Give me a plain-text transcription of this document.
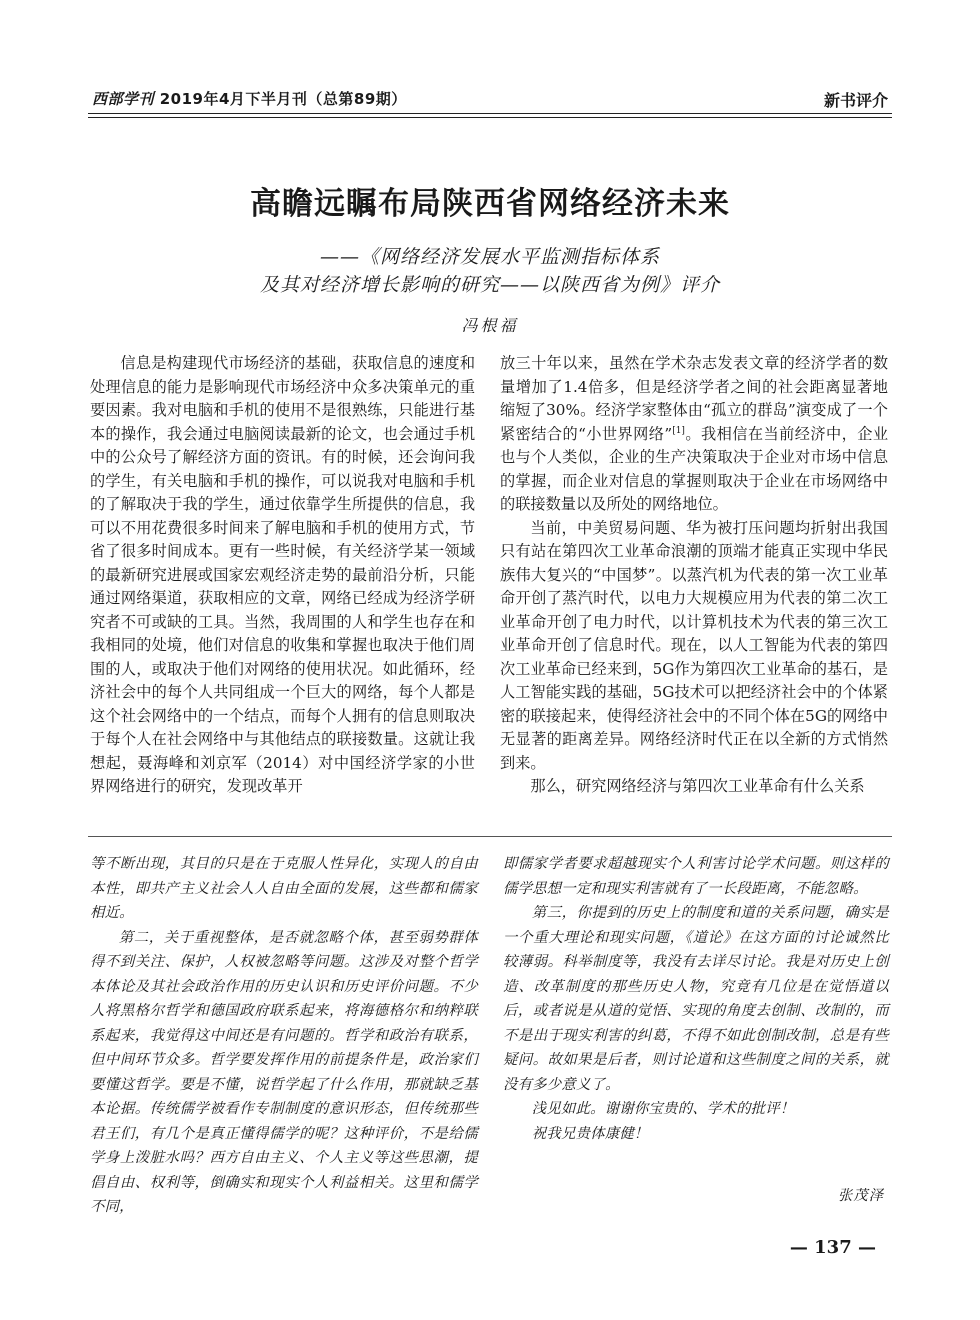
西部学刊 2019年4月下半月刊（总第89期）	新书评介
高瞻远瞩布局陕西省网络经济未来
——《网络经济发展水平监测指标体系
及其对经济增长影响的研究——以陕西省为例》评介
冯根福

信息是构建现代市场经济的基础，获取信息的速度和处理信息的能力是影响现代市场经济中众多决策单元的重要因素。我对电脑和手机的使用不是很熟练，只能进行基本的操作，我会通过电脑阅读最新的论文，也会通过手机中的公众号了解经济方面的资讯。有的时候，还会询问我的学生，有关电脑和手机的操作，可以说我对电脑和手机的了解取决于我的学生，通过依靠学生所提供的信息，我可以不用花费很多时间来了解电脑和手机的使用方式，节省了很多时间成本。更有一些时候，有关经济学某一领域的最新研究进展或国家宏观经济走势的最前沿分析，只能通过网络渠道，获取相应的文章，网络已经成为经济学研究者不可或缺的工具。当然，我周围的人和学生也存在和我相同的处境，他们对信息的收集和掌握也取决于他们周围的人，或取决于他们对网络的使用状况。如此循环，经济社会中的每个人共同组成一个巨大的网络，每个人都是这个社会网络中的一个结点，而每个人拥有的信息则取决于每个人在社会网络中与其他结点的联接数量。这就让我想起，聂海峰和刘京军（2014）对中国经济学家的小世界网络进行的研究，发现改革开

放三十年以来，虽然在学术杂志发表文章的经济学者的数量增加了1.4倍多，但是经济学者之间的社会距离显著地缩短了30%。经济学家整体由“孤立的群岛”演变成了一个紧密结合的“小世界网络”[1]。我相信在当前经济中，企业也与个人类似，企业的生产决策取决于企业对市场中信息的掌握，而企业对信息的掌握则取决于企业在市场网络中的联接数量以及所处的网络地位。

当前，中美贸易问题、华为被打压问题均折射出我国只有站在第四次工业革命浪潮的顶端才能真正实现中华民族伟大复兴的“中国梦”。以蒸汽机为代表的第一次工业革命开创了蒸汽时代，以电力大规模应用为代表的第二次工业革命开创了电力时代，以计算机技术为代表的第三次工业革命开创了信息时代。现在，以人工智能为代表的第四次工业革命已经来到，5G作为第四次工业革命的基石，是人工智能实践的基础，5G技术可以把经济社会中的个体紧密的联接起来，使得经济社会中的不同个体在5G的网络中无显著的距离差异。网络经济时代正在以全新的方式悄然到来。

那么，研究网络经济与第四次工业革命有什么关系

等不断出现，其目的只是在于克服人性异化，实现人的自由本性，即共产主义社会人人自由全面的发展，这些都和儒家相近。

第二，关于重视整体，是否就忽略个体，甚至弱势群体得不到关注、保护，人权被忽略等问题。这涉及对整个哲学本体论及其社会政治作用的历史认识和历史评价问题。不少人将黑格尔哲学和德国政府联系起来，将海德格尔和纳粹联系起来，我觉得这中间还是有问题的。哲学和政治有联系，但中间环节众多。哲学要发挥作用的前提条件是，政治家们要懂这哲学。要是不懂，说哲学起了什么作用，那就缺乏基本论据。传统儒学被看作专制制度的意识形态，但传统那些君王们，有几个是真正懂得儒学的呢？这种评价，不是给儒学身上泼脏水吗？西方自由主义、个人主义等这些思潮，提倡自由、权利等，倒确实和现实个人利益相关。这里和儒学不同，

即儒家学者要求超越现实个人利害讨论学术问题。则这样的儒学思想一定和现实利害就有了一长段距离，不能忽略。

第三，你提到的历史上的制度和道的关系问题，确实是一个重大理论和现实问题，《道论》在这方面的讨论诚然比较薄弱。科举制度等，我没有去详尽讨论。我是对历史上创造、改革制度的那些历史人物，究竟有几位是在觉悟道以后，或者说是从道的觉悟、实现的角度去创制、改制的，而不是出于现实利害的纠葛，不得不如此创制改制，总是有些疑问。故如果是后者，则讨论道和这些制度之间的关系，就没有多少意义了。

浅见如此。谢谢你宝贵的、学术的批评！

祝我兄贵体康健！

张茂泽
— 137 —
